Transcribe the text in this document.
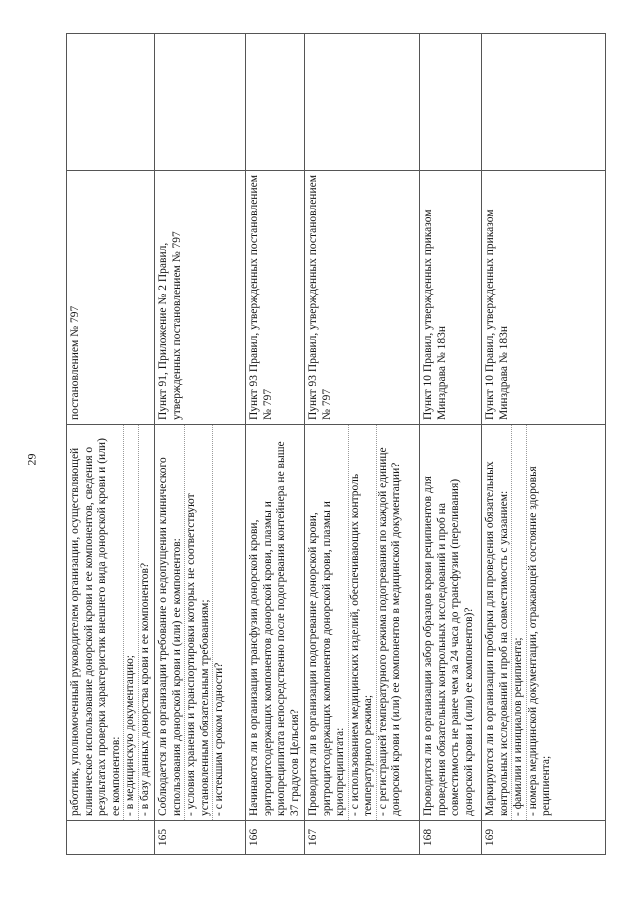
29

	работник, уполномоченный руководителем организации, осуществляющей клиническое использование донорской крови и ее компонентов, сведения о результатах проверки характеристик внешнего вида донорской крови и (или) ее компонентов: - в медицинскую документацию; - в базу данных донорства крови и ее компонентов?	постановлением № 797	
165	Соблюдается ли в организации требование о недопущении клинического использования донорской крови и (или) ее компонентов: - условия хранения и транспортировки которых не соответствуют установленным обязательным требованиям; - с истекшим сроком годности?	Пункт 91, Приложение № 2 Правил, утвержденных постановлением № 797	
166	Начинаются ли в организации трансфузии донорской крови, эритроцитсодержащих компонентов донорской крови, плазмы и криопреципитата непосредственно после подогревания контейнера не выше 37 градусов Цельсия?	Пункт 93 Правил, утвержденных постановлением № 797	
167	Проводится ли в организации подогревание донорской крови, эритроцитсодержащих компонентов донорской крови, плазмы и криопреципитата: - с использованием медицинских изделий, обеспечивающих контроль температурного режима; - с регистрацией температурного режима подогревания по каждой единице донорской крови и (или) ее компонентов в медицинской документации?	Пункт 93 Правил, утвержденных постановлением № 797	
168	Проводится ли в организации забор образцов крови реципиентов для проведения обязательных контрольных исследований и проб на совместимость не ранее чем за 24 часа до трансфузии (переливания) донорской крови и (или) ее компонентов)?	Пункт 10 Правил, утвержденных приказом Минздрава № 183н	
169	Маркируются ли в организации пробирки для проведения обязательных контрольных исследований и проб на совместимость с указанием: - фамилии и инициалов реципиента; - номера медицинской документации, отражающей состояние здоровья реципиента;	Пункт 10 Правил, утвержденных приказом Минздрава № 183н	
